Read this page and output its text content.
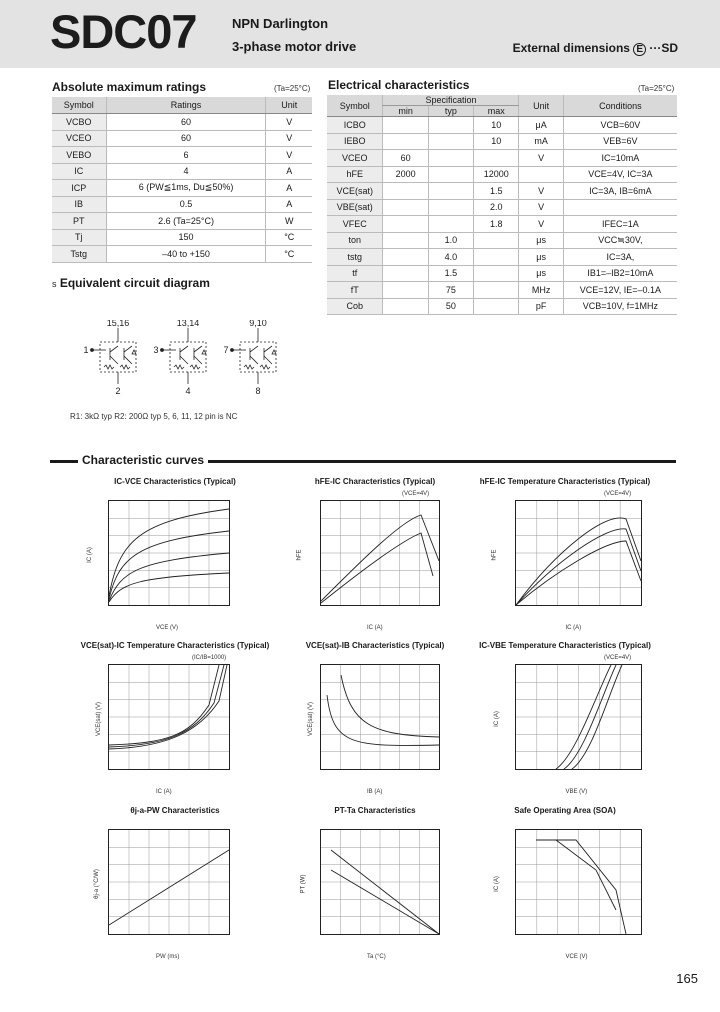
SDC07	NPN Darlington
3-phase motor drive	External dimensions E ···SD
Absolute maximum ratings	(Ta=25°C)
Symbol	Ratings	Unit
VCBO	60	V
VCEO	60	V
VEBO	6	V
IC	4	A
ICP	6 (PW≦1ms, Du≦50%)	A
IB	0.5	A
PT	2.6 (Ta=25°C)	W
Tj	150	°C
Tstg	–40 to +150	°C
Electrical characteristics	(Ta=25°C)
Symbol	Specification			Unit	Conditions
	min	typ	max		
ICBO			10	μA	VCB=60V
IEBO			10	mA	VEB=6V
VCEO	60			V	IC=10mA
hFE	2000		12000		VCE=4V, IC=3A
VCE(sat)			1.5	V	IC=3A, IB=6mA
VBE(sat)			2.0	V	
VFEC			1.8	V	IFEC=1A
ton		1.0		μs	VCC≒30V,
tstg		4.0		μs	IC=3A,
tf		1.5		μs	IB1=–IB2=10mA
fT		75		MHz	VCE=12V, IE=–0.1A
Cob		50		pF	VCB=10V, f=1MHz
s Equivalent circuit diagram
15,16
1
2
13,14
3
4
9,10
7
8
R1: 3kΩ typ R2: 200Ω typ 5, 6, 11, 12 pin is NC
Characteristic curves
IC-VCE Characteristics (Typical)
VCE (V)
IC (A)
hFE-IC Characteristics (Typical)
IC (A)
hFE
(VCE=4V)
hFE-IC Temperature Characteristics (Typical)
IC (A)
hFE
(VCE=4V)
VCE(sat)-IC Temperature Characteristics (Typical)
IC (A)
VCE(sat) (V)
(IC/IB=1000)
VCE(sat)-IB Characteristics (Typical)
IB (A)
VCE(sat) (V)
IC-VBE Temperature Characteristics (Typical)
VBE (V)
IC (A)
(VCE=4V)
θj-a-PW Characteristics
PW (ms)
θj-a (°C/W)
PT-Ta Characteristics
Ta (°C)
PT (W)
Safe Operating Area (SOA)
VCE (V)
IC (A)
165
